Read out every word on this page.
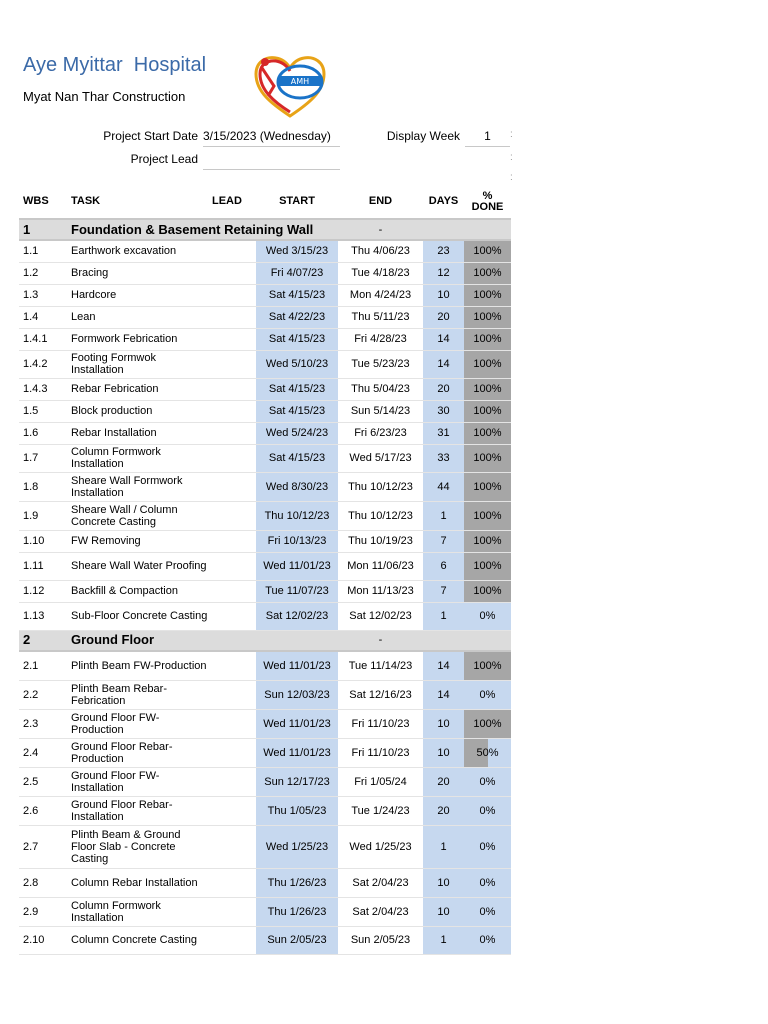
Aye Myittar  Hospital
Myat Nan Thar Construction
AMH
Project Start Date 3/15/2023 (Wednesday)
Project Lead
Display Week	1	:
:
:
WBS	TASK	LEAD	START	END	DAYS	%
DONE
1	Foundation & Basement Retaining Wall			-		
1.1	Earthwork excavation		Wed 3/15/23	Thu 4/06/23	23	100%
1.2	Bracing		Fri 4/07/23	Tue 4/18/23	12	100%
1.3	Hardcore		Sat 4/15/23	Mon 4/24/23	10	100%
1.4	Lean		Sat 4/22/23	Thu 5/11/23	20	100%
1.4.1	Formwork Febrication		Sat 4/15/23	Fri 4/28/23	14	100%
1.4.2	Footing Formwok Installation		Wed 5/10/23	Tue 5/23/23	14	100%
1.4.3	Rebar Febrication		Sat 4/15/23	Thu 5/04/23	20	100%
1.5	Block production		Sat 4/15/23	Sun 5/14/23	30	100%
1.6	Rebar Installation		Wed 5/24/23	Fri 6/23/23	31	100%
1.7	Column Formwork Installation		Sat 4/15/23	Wed 5/17/23	33	100%
1.8	Sheare Wall Formwork Installation		Wed 8/30/23	Thu 10/12/23	44	100%
1.9	Sheare Wall / Column Concrete Casting		Thu 10/12/23	Thu 10/12/23	1	100%
1.10	FW Removing		Fri 10/13/23	Thu 10/19/23	7	100%
1.11	Sheare Wall Water Proofing		Wed 11/01/23	Mon 11/06/23	6	100%
1.12	Backfill & Compaction		Tue 11/07/23	Mon 11/13/23	7	100%
1.13	Sub-Floor Concrete Casting		Sat 12/02/23	Sat 12/02/23	1	0%
2	Ground Floor			-		
2.1	Plinth Beam FW-Production		Wed 11/01/23	Tue 11/14/23	14	100%
2.2	Plinth Beam Rebar-Febrication		Sun 12/03/23	Sat 12/16/23	14	0%
2.3	Ground Floor FW-Production		Wed 11/01/23	Fri 11/10/23	10	100%
2.4	Ground Floor Rebar-Production		Wed 11/01/23	Fri 11/10/23	10	50%
2.5	Ground Floor FW-Installation		Sun 12/17/23	Fri 1/05/24	20	0%
2.6	Ground Floor Rebar-Installation		Thu 1/05/23	Tue 1/24/23	20	0%
2.7	Plinth Beam & Ground Floor Slab - Concrete Casting		Wed 1/25/23	Wed 1/25/23	1	0%
2.8	Column Rebar Installation		Thu 1/26/23	Sat 2/04/23	10	0%
2.9	Column Formwork Installation		Thu 1/26/23	Sat 2/04/23	10	0%
2.10	Column Concrete Casting		Sun 2/05/23	Sun 2/05/23	1	0%
